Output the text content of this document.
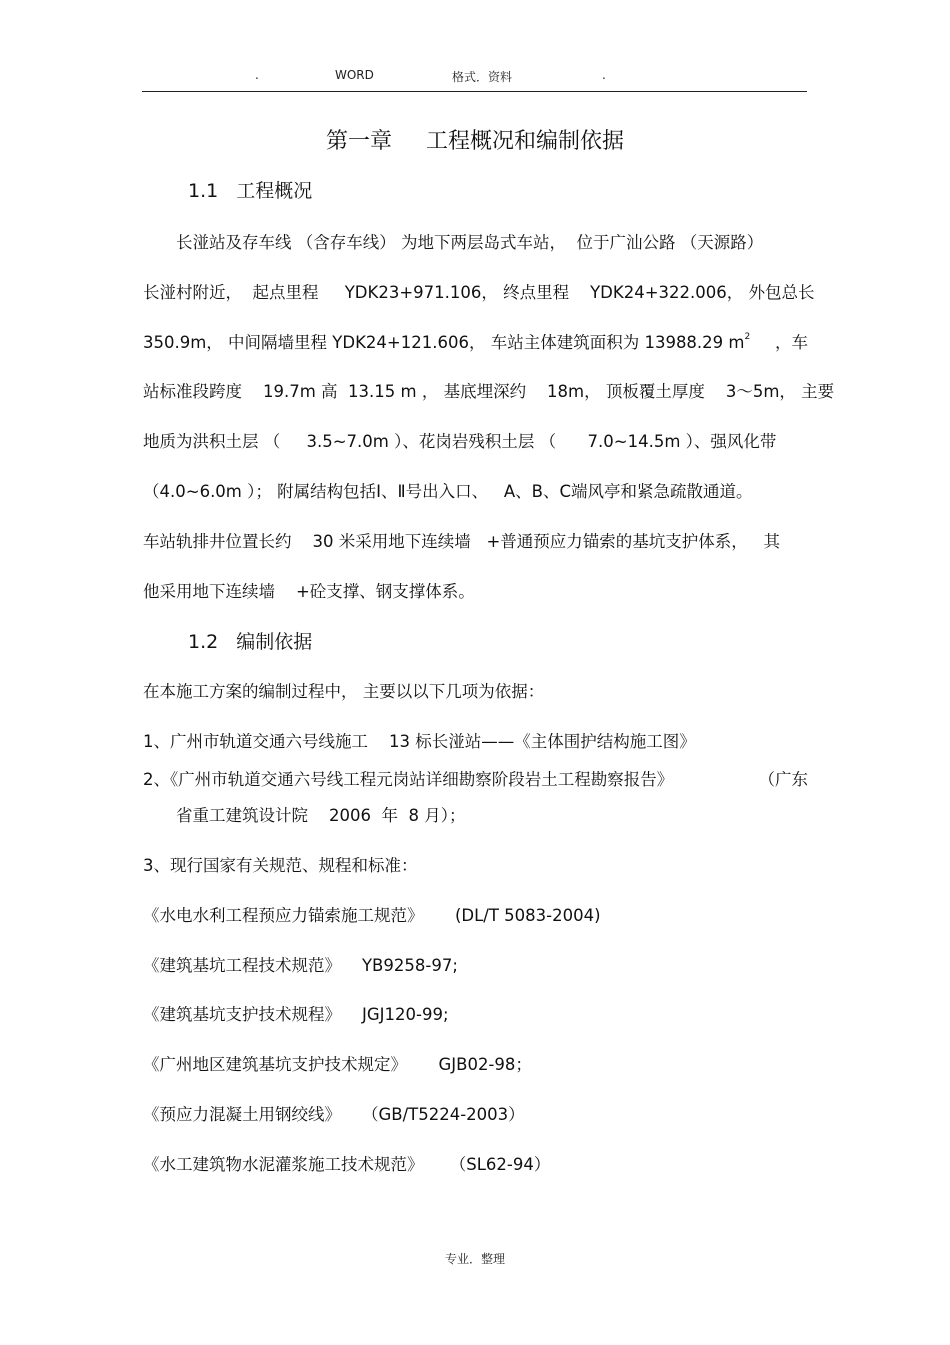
.	WORD	格式．资料	.
第一章 工程概况和编制依据
1.1 工程概况
长湴站及存车线 （含存车线） 为地下两层岛式车站，  位于广汕公路 （天源路）
长湴村附近，  起点里程     YDK23+971.106， 终点里程    YDK24+322.006， 外包总长
350.9m， 中间隔墙里程 YDK24+121.606， 车站主体建筑面积为 13988.29 $m^2$ ，车
站标准段跨度    19.7m 高  13.15 m ， 基底埋深约    18m， 顶板覆土厚度    3～5m， 主要
地质为洪积土层 （     3.5~7.0m ）、花岗岩残积土层 （      7.0~14.5m ）、强风化带
（4.0~6.0m ）； 附属结构包括Ⅰ、Ⅱ号出入口、   A、B、C端风亭和紧急疏散通道。
车站轨排井位置长约    30 米采用地下连续墙   +普通预应力锚索的基坑支护体系，   其
他采用地下连续墙    +砼支撑、钢支撑体系。
1.2 编制依据
在本施工方案的编制过程中， 主要以以下几项为依据：
1、广州市轨道交通六号线施工    13 标长湴站——《主体围护结构施工图》
2、《广州市轨道交通六号线工程元岗站详细勘察阶段岩土工程勘察报告》	（广东
省重工建筑设计院    2006  年  8 月）；
3、现行国家有关规范、规程和标准：
《水电水利工程预应力锚索施工规范》      (DL/T 5083-2004)
《建筑基坑工程技术规范》    YB9258-97;
《建筑基坑支护技术规程》    JGJ120-99;
《广州地区建筑基坑支护技术规定》      GJB02-98；
《预应力混凝土用钢绞线》    （GB/T5224-2003）
《水工建筑物水泥灌浆施工技术规范》     （SL62-94）
专业．整理
